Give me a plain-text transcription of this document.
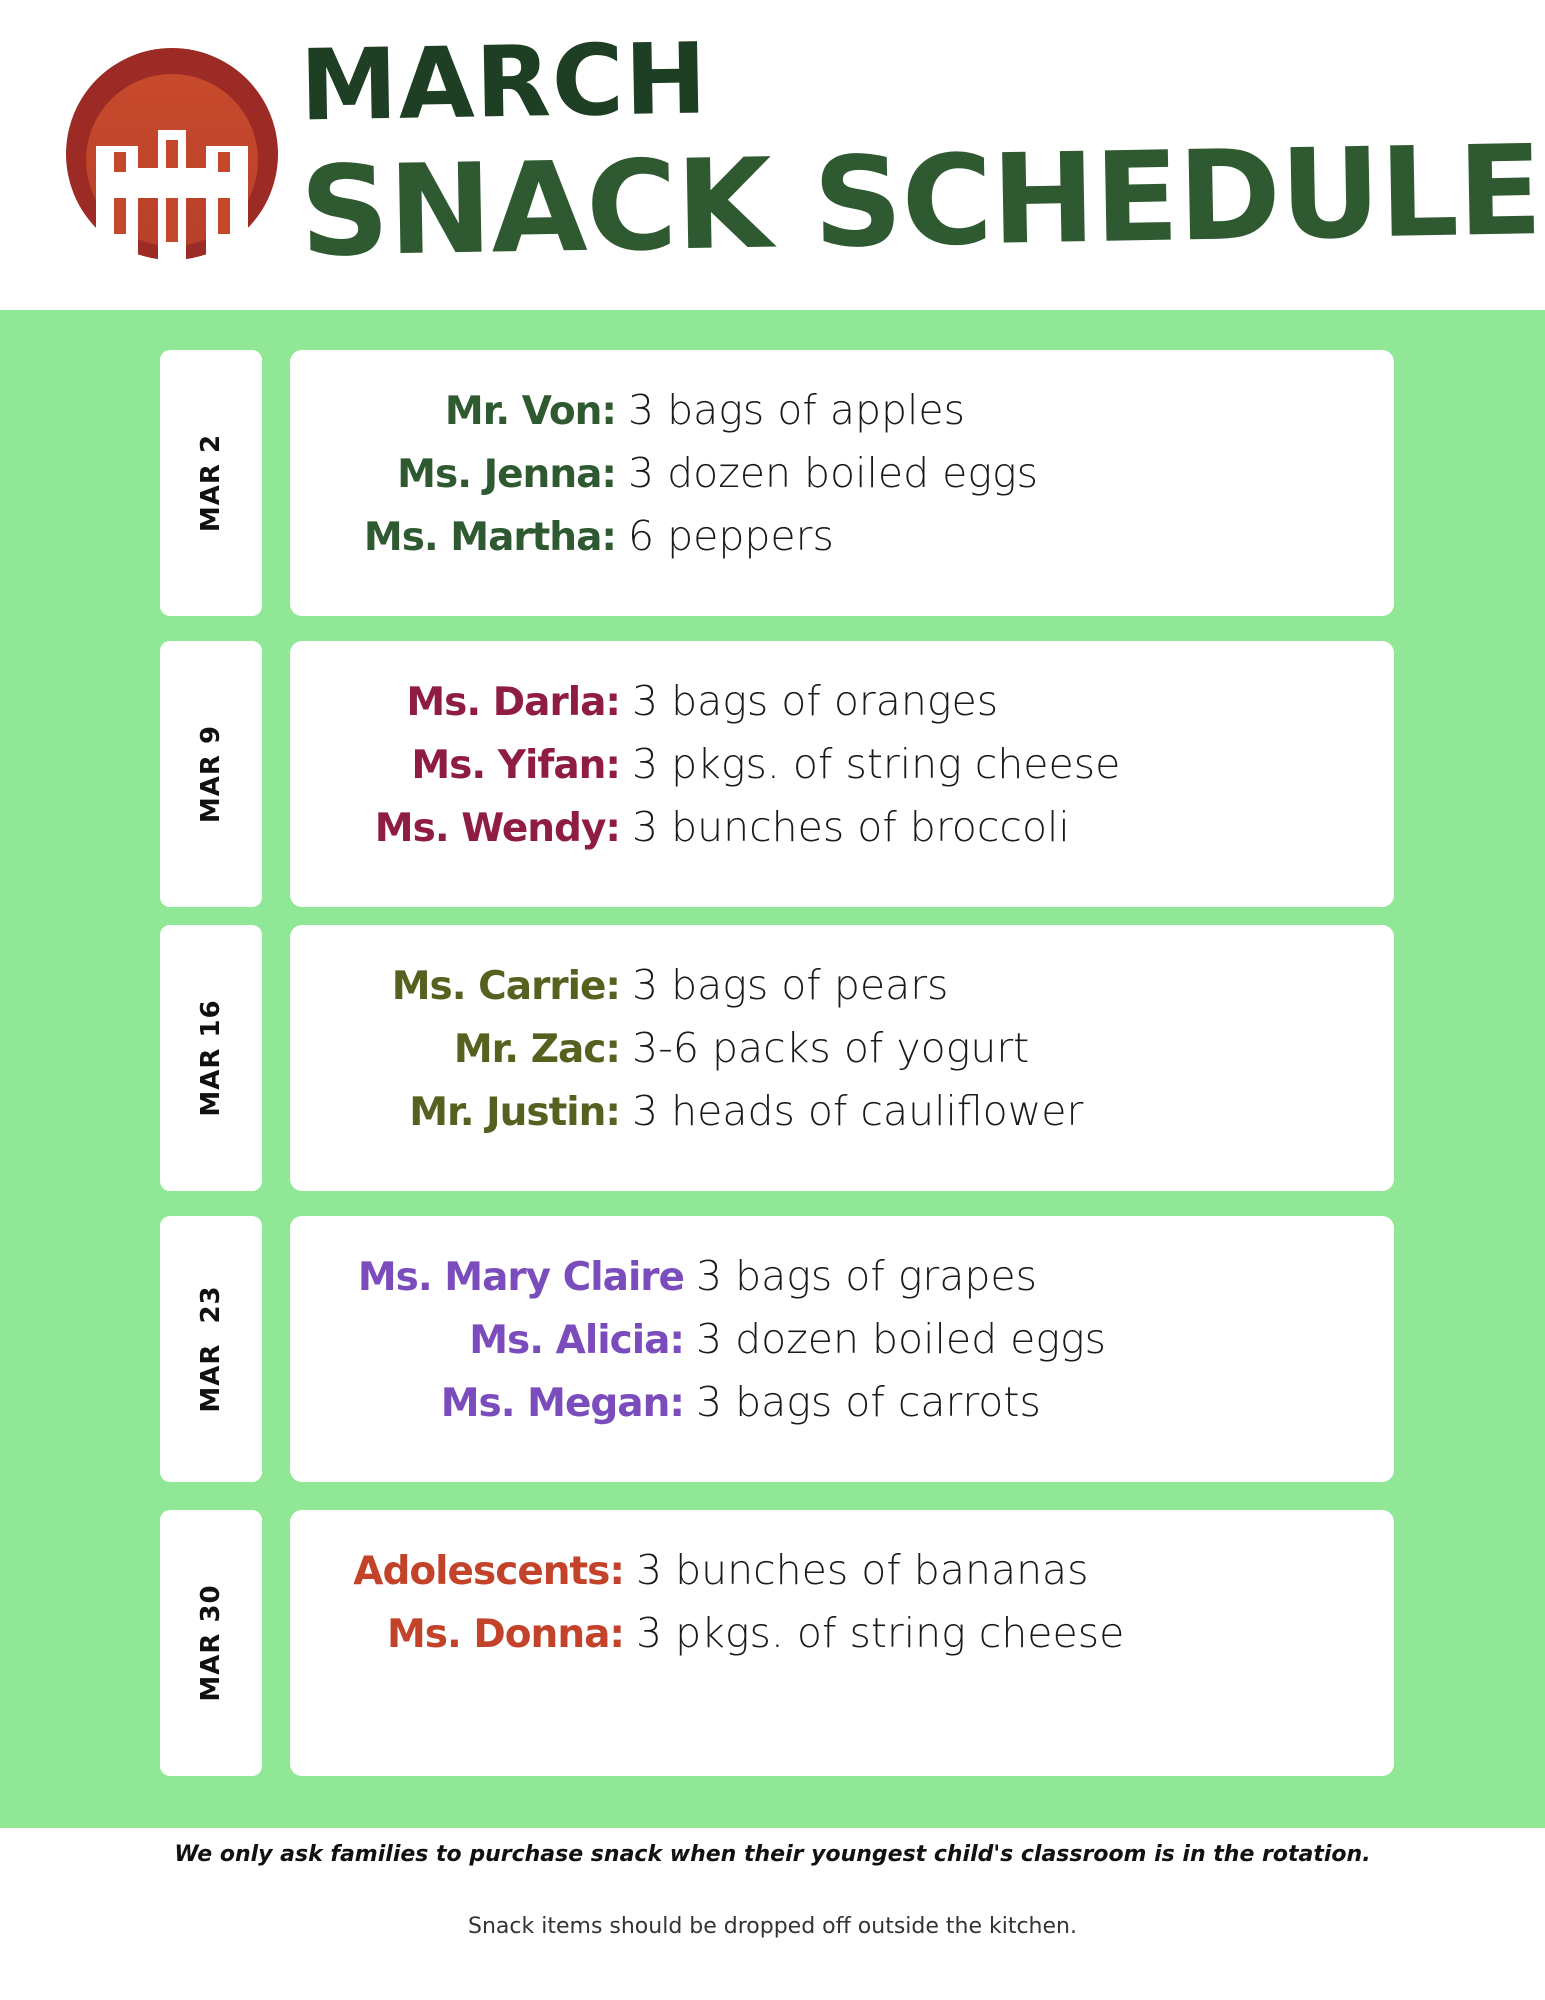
MARCH
SNACK SCHEDULE
MAR 2
Mr. Von: 3 bags of apples
Ms. Jenna: 3 dozen boiled eggs
Ms. Martha: 6 peppers
MAR 9
Ms. Darla: 3 bags of oranges
Ms. Yifan: 3 pkgs. of string cheese
Ms. Wendy: 3 bunches of broccoli
MAR 16
Ms. Carrie: 3 bags of pears
Mr. Zac: 3-6 packs of yogurt
Mr. Justin: 3 heads of cauliflower
MAR  23
Ms. Mary Claire 3 bags of grapes
Ms. Alicia: 3 dozen boiled eggs
Ms. Megan: 3 bags of carrots
MAR 30
Adolescents: 3 bunches of bananas
Ms. Donna: 3 pkgs. of string cheese
We only ask families to purchase snack when their youngest child's classroom is in the rotation.
Snack items should be dropped off outside the kitchen.
